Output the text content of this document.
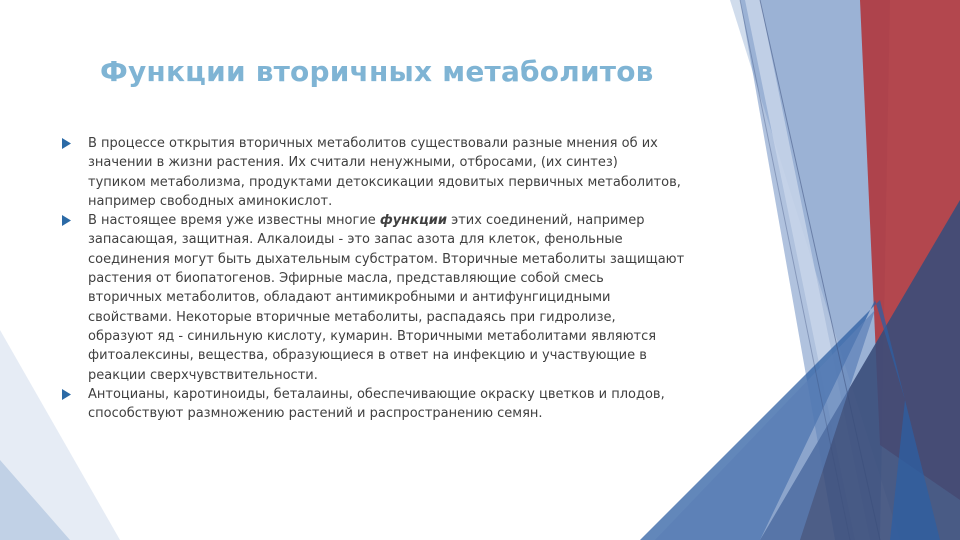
Функции вторичных метаболитов
В процессе открытия вторичных метаболитов существовали разные мнения об их
значении в жизни растения. Их считали ненужными, отбросами, (их синтез)
тупиком метаболизма, продуктами детоксикации ядовитых первичных метаболитов,
например свободных аминокислот.
В настоящее время уже известны многие функции этих соединений, например
запасающая, защитная. Алкалоиды - это запас азота для клеток, фенольные
соединения могут быть дыхательным субстратом. Вторичные метаболиты защищают
растения от биопатогенов. Эфирные масла, представляющие собой смесь
вторичных метаболитов, обладают антимикробными и антифунгицидными
свойствами. Некоторые вторичные метаболиты, распадаясь при гидролизе,
образуют яд - синильную кислоту, кумарин. Вторичными метаболитами являются
фитоалексины, вещества, образующиеся в ответ на инфекцию и участвующие в
реакции сверхчувствительности.
Антоцианы, каротиноиды, беталаины, обеспечивающие окраску цветков и плодов,
способствуют размножению растений и распространению семян.
